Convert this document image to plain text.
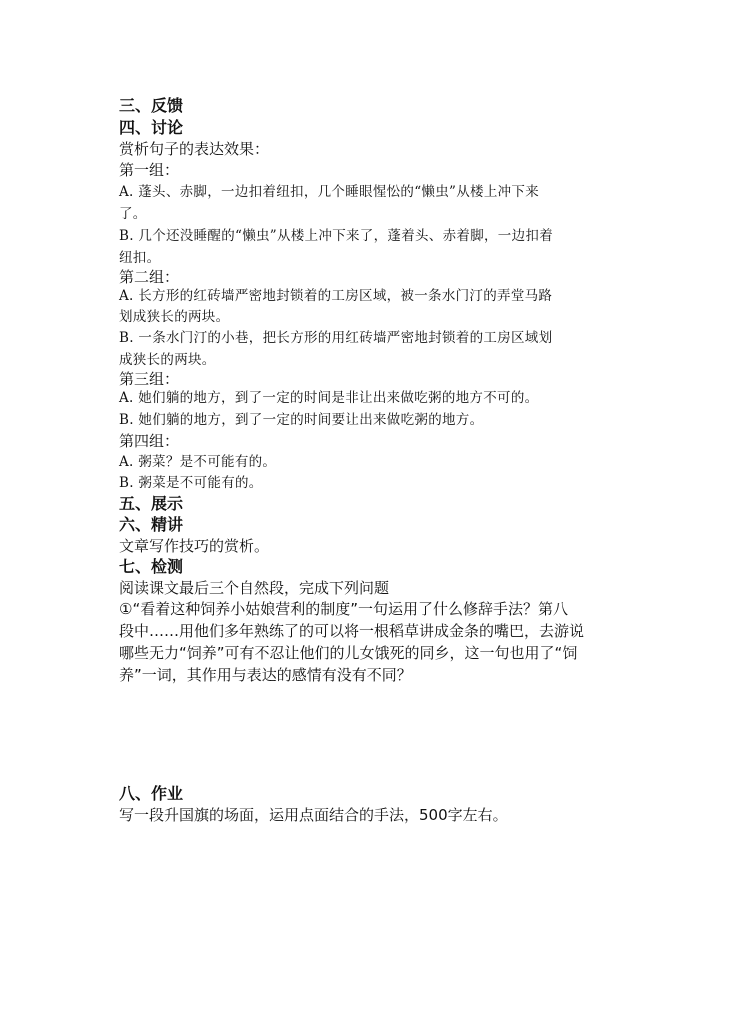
三、反馈

四、讨论

赏析句子的表达效果：

第一组：

A. 蓬头、赤脚，一边扣着纽扣，几个睡眼惺忪的“懒虫”从楼上冲下来

了。

B. 几个还没睡醒的“懒虫”从楼上冲下来了，蓬着头、赤着脚，一边扣着

纽扣。

第二组：

A. 长方形的红砖墙严密地封锁着的工房区域，被一条水门汀的弄堂马路

划成狭长的两块。

B. 一条水门汀的小巷，把长方形的用红砖墙严密地封锁着的工房区域划

成狭长的两块。

第三组：

A. 她们躺的地方，到了一定的时间是非让出来做吃粥的地方不可的。

B. 她们躺的地方，到了一定的时间要让出来做吃粥的地方。

第四组：

A. 粥菜？是不可能有的。

B. 粥菜是不可能有的。

五、展示

六、精讲

文章写作技巧的赏析。

七、检测

阅读课文最后三个自然段，完成下列问题

①“看着这种饲养小姑娘营利的制度”一句运用了什么修辞手法？第八

段中……用他们多年熟练了的可以将一根稻草讲成金条的嘴巴，去游说

哪些无力“饲养”可有不忍让他们的儿女饿死的同乡，这一句也用了“饲

养”一词，其作用与表达的感情有没有不同？

八、作业

写一段升国旗的场面，运用点面结合的手法，500字左右。
